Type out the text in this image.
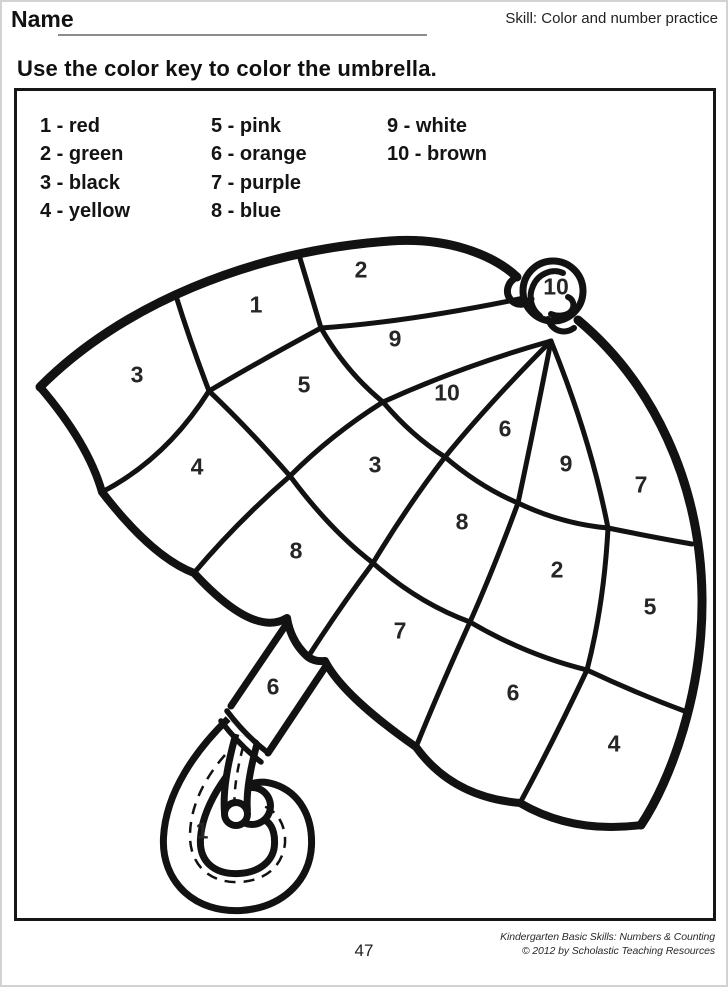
Name	Skill: Color and number practice
Use the color key to color the umbrella.
1 - red
2 - green
3 - black
4 - yellow
5 - pink
6 - orange
7 - purple
8 - blue
9 - white
10 - brown
10
3
1
2
9
10
6
9
7
5
3
8
2
5
4
8
7
6
4
6
1
47
Kindergarten Basic Skills: Numbers & Counting
© 2012 by Scholastic Teaching Resources
